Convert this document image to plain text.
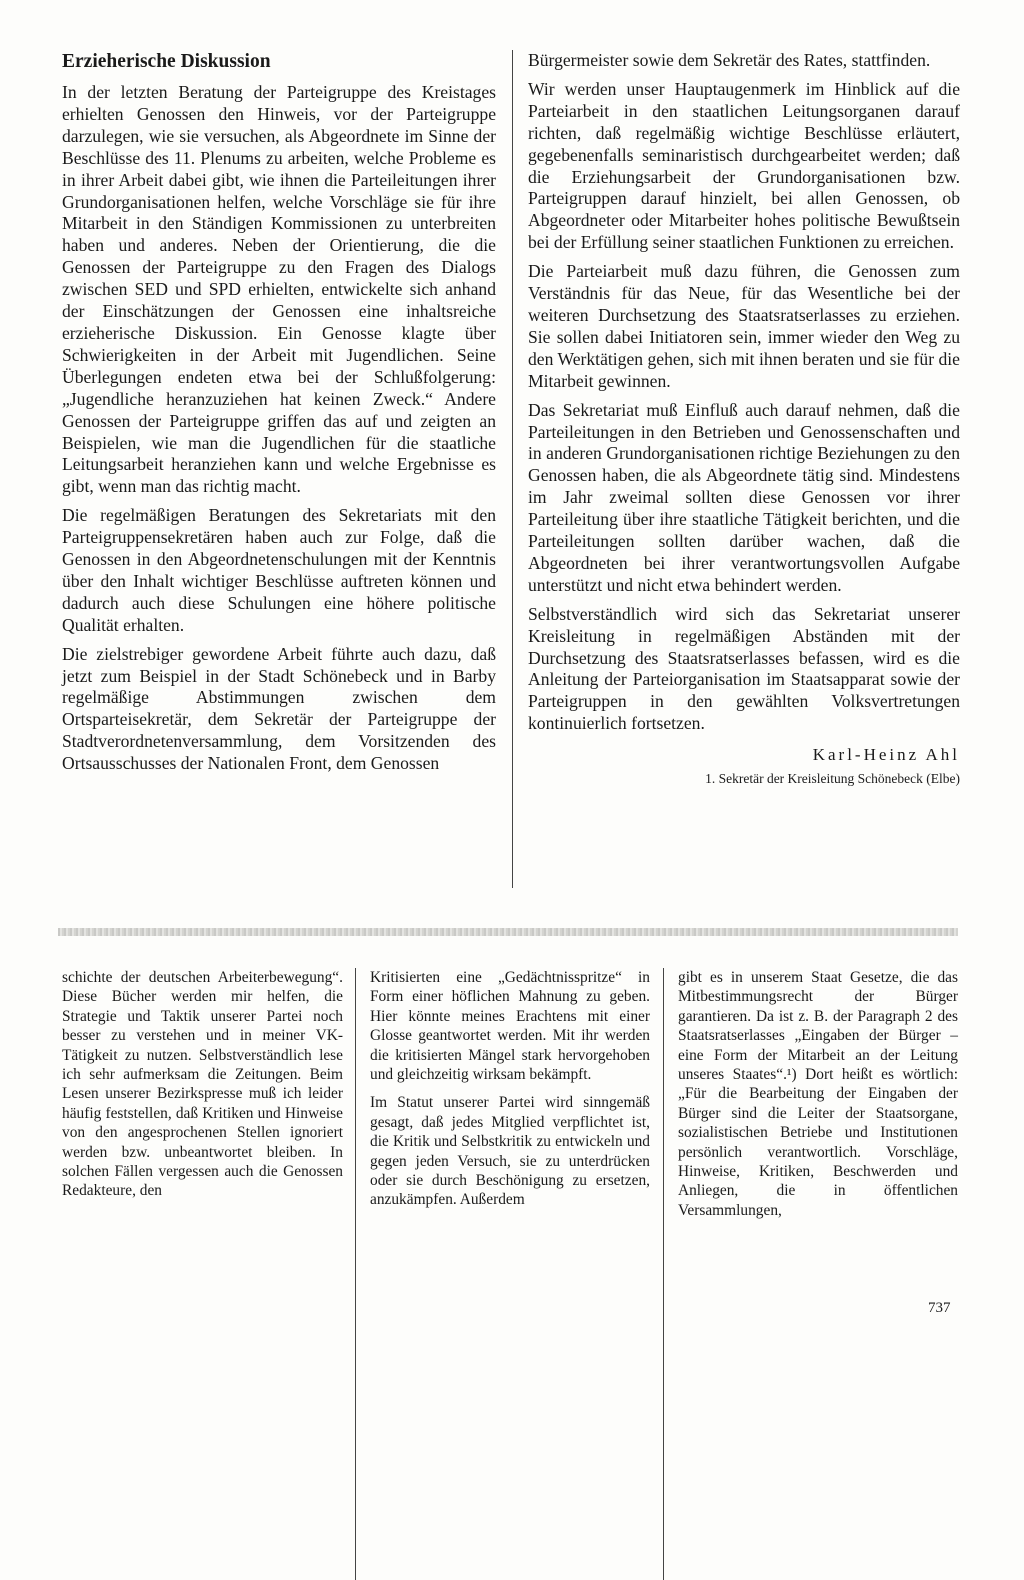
Erzieherische Diskussion

In der letzten Beratung der Parteigruppe des Kreistages erhielten Genossen den Hinweis, vor der Parteigruppe darzulegen, wie sie versuchen, als Abgeordnete im Sinne der Beschlüsse des 11. Plenums zu arbeiten, welche Probleme es in ihrer Arbeit dabei gibt, wie ihnen die Parteileitungen ihrer Grundorganisationen helfen, welche Vorschläge sie für ihre Mitarbeit in den Ständigen Kommissionen zu unterbreiten haben und anderes. Neben der Orientierung, die die Genossen der Parteigruppe zu den Fragen des Dialogs zwischen SED und SPD erhielten, entwickelte sich anhand der Einschätzungen der Genossen eine inhaltsreiche erzieherische Diskussion. Ein Genosse klagte über Schwierigkeiten in der Arbeit mit Jugendlichen. Seine Überlegungen endeten etwa bei der Schlußfolgerung: „Jugendliche heranzuziehen hat keinen Zweck.“ Andere Genossen der Parteigruppe griffen das auf und zeigten an Beispielen, wie man die Jugendlichen für die staatliche Leitungsarbeit heranziehen kann und welche Ergebnisse es gibt, wenn man das richtig macht.

Die regelmäßigen Beratungen des Sekretariats mit den Parteigruppensekretären haben auch zur Folge, daß die Genossen in den Abgeordnetenschulungen mit der Kenntnis über den Inhalt wichtiger Beschlüsse auftreten können und dadurch auch diese Schulungen eine höhere politische Qualität erhalten.

Die zielstrebiger gewordene Arbeit führte auch dazu, daß jetzt zum Beispiel in der Stadt Schönebeck und in Barby regelmäßige Abstimmungen zwischen dem Ortsparteisekretär, dem Sekretär der Parteigruppe der Stadtverordnetenversammlung, dem Vorsitzenden des Ortsausschusses der Nationalen Front, dem Genossen

Bürgermeister sowie dem Sekretär des Rates, stattfinden.

Wir werden unser Hauptaugenmerk im Hinblick auf die Parteiarbeit in den staatlichen Leitungsorganen darauf richten, daß regelmäßig wichtige Beschlüsse erläutert, gegebenenfalls seminaristisch durchgearbeitet werden; daß die Erziehungsarbeit der Grundorganisationen bzw. Parteigruppen darauf hinzielt, bei allen Genossen, ob Abgeordneter oder Mitarbeiter hohes politische Bewußtsein bei der Erfüllung seiner staatlichen Funktionen zu erreichen.

Die Parteiarbeit muß dazu führen, die Genossen zum Verständnis für das Neue, für das Wesentliche bei der weiteren Durchsetzung des Staatsratserlasses zu erziehen. Sie sollen dabei Initiatoren sein, immer wieder den Weg zu den Werktätigen gehen, sich mit ihnen beraten und sie für die Mitarbeit gewinnen.

Das Sekretariat muß Einfluß auch darauf nehmen, daß die Parteileitungen in den Betrieben und Genossenschaften und in anderen Grundorganisationen richtige Beziehungen zu den Genossen haben, die als Abgeordnete tätig sind. Mindestens im Jahr zweimal sollten diese Genossen vor ihrer Parteileitung über ihre staatliche Tätigkeit berichten, und die Parteileitungen sollten darüber wachen, daß die Abgeordneten bei ihrer verantwortungsvollen Aufgabe unterstützt und nicht etwa behindert werden.

Selbstverständlich wird sich das Sekretariat unserer Kreisleitung in regelmäßigen Abständen mit der Durchsetzung des Staatsratserlasses befassen, wird es die Anleitung der Parteiorganisation im Staatsapparat sowie der Parteigruppen in den gewählten Volksvertretungen kontinuierlich fortsetzen.

Karl-Heinz Ahl
1. Sekretär der Kreisleitung Schönebeck (Elbe)

schichte der deutschen Arbeiterbewegung“. Diese Bücher werden mir helfen, die Strategie und Taktik unserer Partei noch besser zu verstehen und in meiner VK-Tätigkeit zu nutzen. Selbstverständlich lese ich sehr aufmerksam die Zeitungen. Beim Lesen unserer Bezirkspresse muß ich leider häufig feststellen, daß Kritiken und Hinweise von den angesprochenen Stellen ignoriert werden bzw. unbeantwortet bleiben. In solchen Fällen vergessen auch die Genossen Redakteure, den

Kritisierten eine „Gedächtnisspritze“ in Form einer höflichen Mahnung zu geben. Hier könnte meines Erachtens mit einer Glosse geantwortet werden. Mit ihr werden die kritisierten Mängel stark hervorgehoben und gleichzeitig wirksam bekämpft.

Im Statut unserer Partei wird sinngemäß gesagt, daß jedes Mitglied verpflichtet ist, die Kritik und Selbstkritik zu entwickeln und gegen jeden Versuch, sie zu unterdrücken oder sie durch Beschönigung zu ersetzen, anzukämpfen. Außerdem

gibt es in unserem Staat Gesetze, die das Mitbestimmungsrecht der Bürger garantieren. Da ist z. B. der Paragraph 2 des Staatsratserlasses „Eingaben der Bürger – eine Form der Mitarbeit an der Leitung unseres Staates“.¹) Dort heißt es wörtlich: „Für die Bearbeitung der Eingaben der Bürger sind die Leiter der Staatsorgane, sozialistischen Betriebe und Institutionen persönlich verantwortlich. Vorschläge, Hinweise, Kritiken, Beschwerden und Anliegen, die in öffentlichen Versammlungen,

737
